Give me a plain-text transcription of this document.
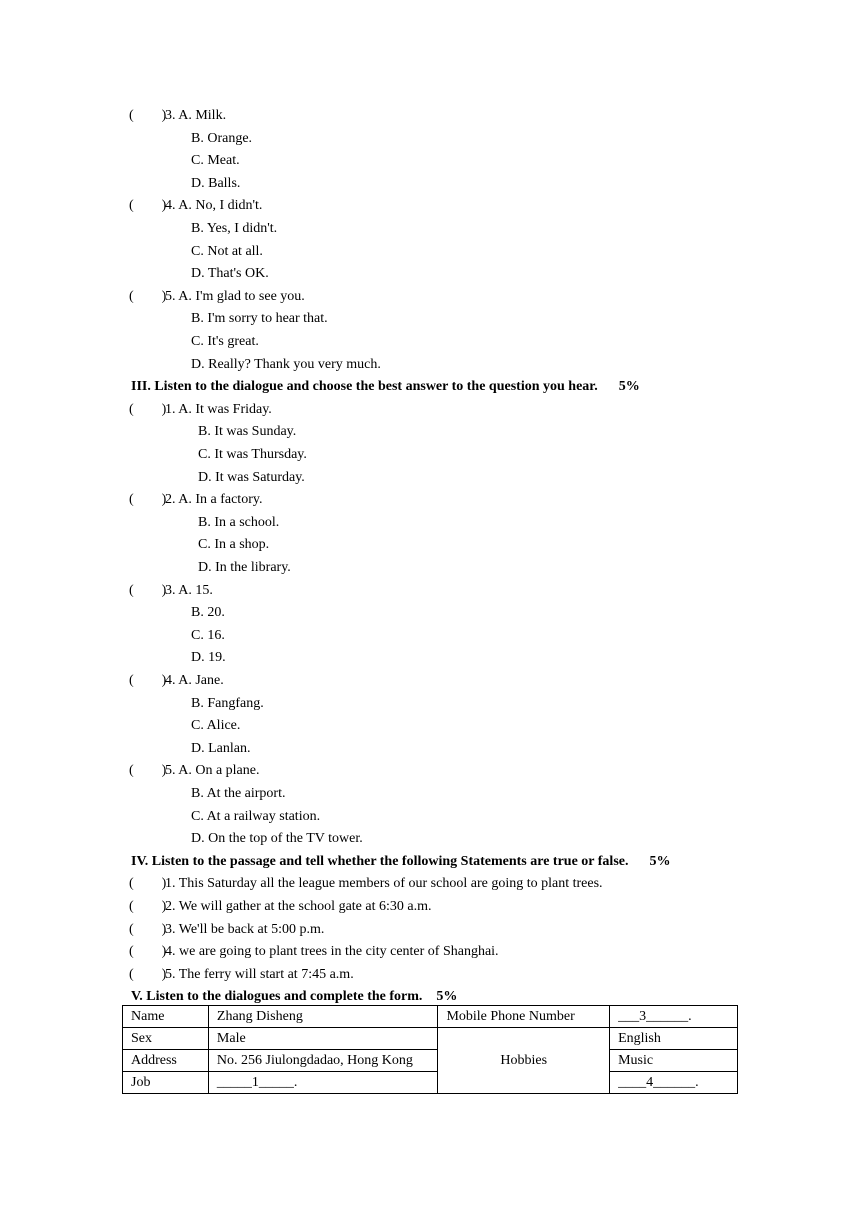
(        )
3. A. Milk.
B. Orange.
C. Meat.
D. Balls.
(        )
4. A. No, I didn't.
B. Yes, I didn't.
C. Not at all.
D. That's OK.
(        )
5. A. I'm glad to see you.
B. I'm sorry to hear that.
C. It's great.
D. Really? Thank you very much.
III. Listen to the dialogue and choose the best answer to the question you hear.      5%
(        )
1. A. It was Friday.
B. It was Sunday.
C. It was Thursday.
D. It was Saturday.
(        )
2. A. In a factory.
B. In a school.
C. In a shop.
D. In the library.
(        )
3. A. 15.
B. 20.
C. 16.
D. 19.
(        )
4. A. Jane.
B. Fangfang.
C. Alice.
D. Lanlan.
(        )
5. A. On a plane.
B. At the airport.
C. At a railway station.
D. On the top of the TV tower.
IV. Listen to the passage and tell whether the following Statements are true or false.      5%
(        )
1. This Saturday all the league members of our school are going to plant trees.
(        )
2. We will gather at the school gate at 6:30 a.m.
(        )
3. We'll be back at 5:00 p.m.
(        )
4. we are going to plant trees in the city center of Shanghai.
(        )
5. The ferry will start at 7:45 a.m.
V. Listen to the dialogues and complete the form.    5%
Name	Zhang Disheng	Mobile Phone Number	___3______.
Sex	Male	Hobbies	English
Address	No. 256 Jiulongdadao, Hong Kong		Music
Job	_____1_____.		____4______.
